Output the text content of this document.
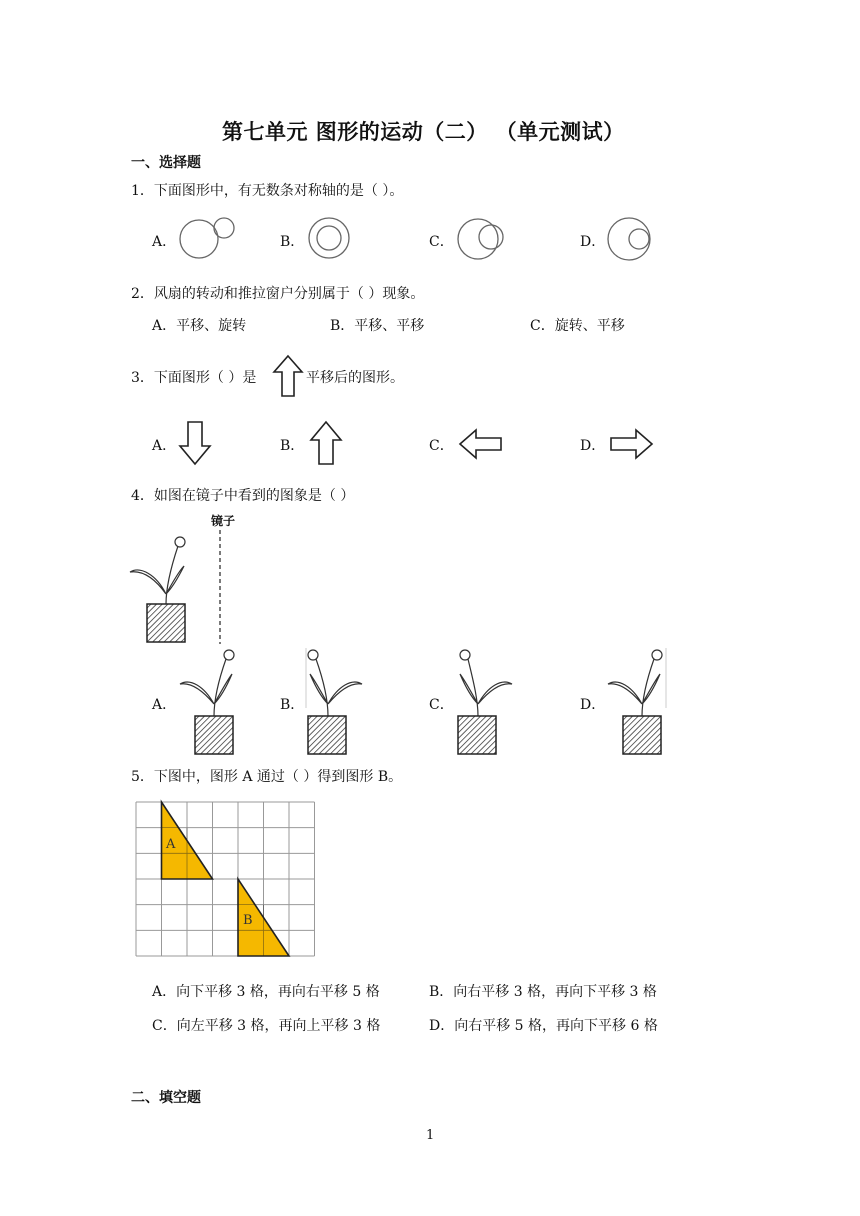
第七单元 图形的运动（二） （单元测试）
一、选择题
1．下面图形中，有无数条对称轴的是（ ）。
A．	B．	C．	D．
2．风扇的转动和推拉窗户分别属于（ ）现象。
A．平移、旋转	B．平移、平移	C．旋转、平移
3．下面图形（ ）是	平移后的图形。
A．	B．	C．	D．
4．如图在镜子中看到的图象是（ ）
镜子
A．	B．	C．	D．
5．下图中，图形 A 通过（ ）得到图形 B。
A
B
A．向下平移 3 格，再向右平移 5 格	B．向右平移 3 格，再向下平移 3 格
C．向左平移 3 格，再向上平移 3 格	D．向右平移 5 格，再向下平移 6 格
二、填空题
1
